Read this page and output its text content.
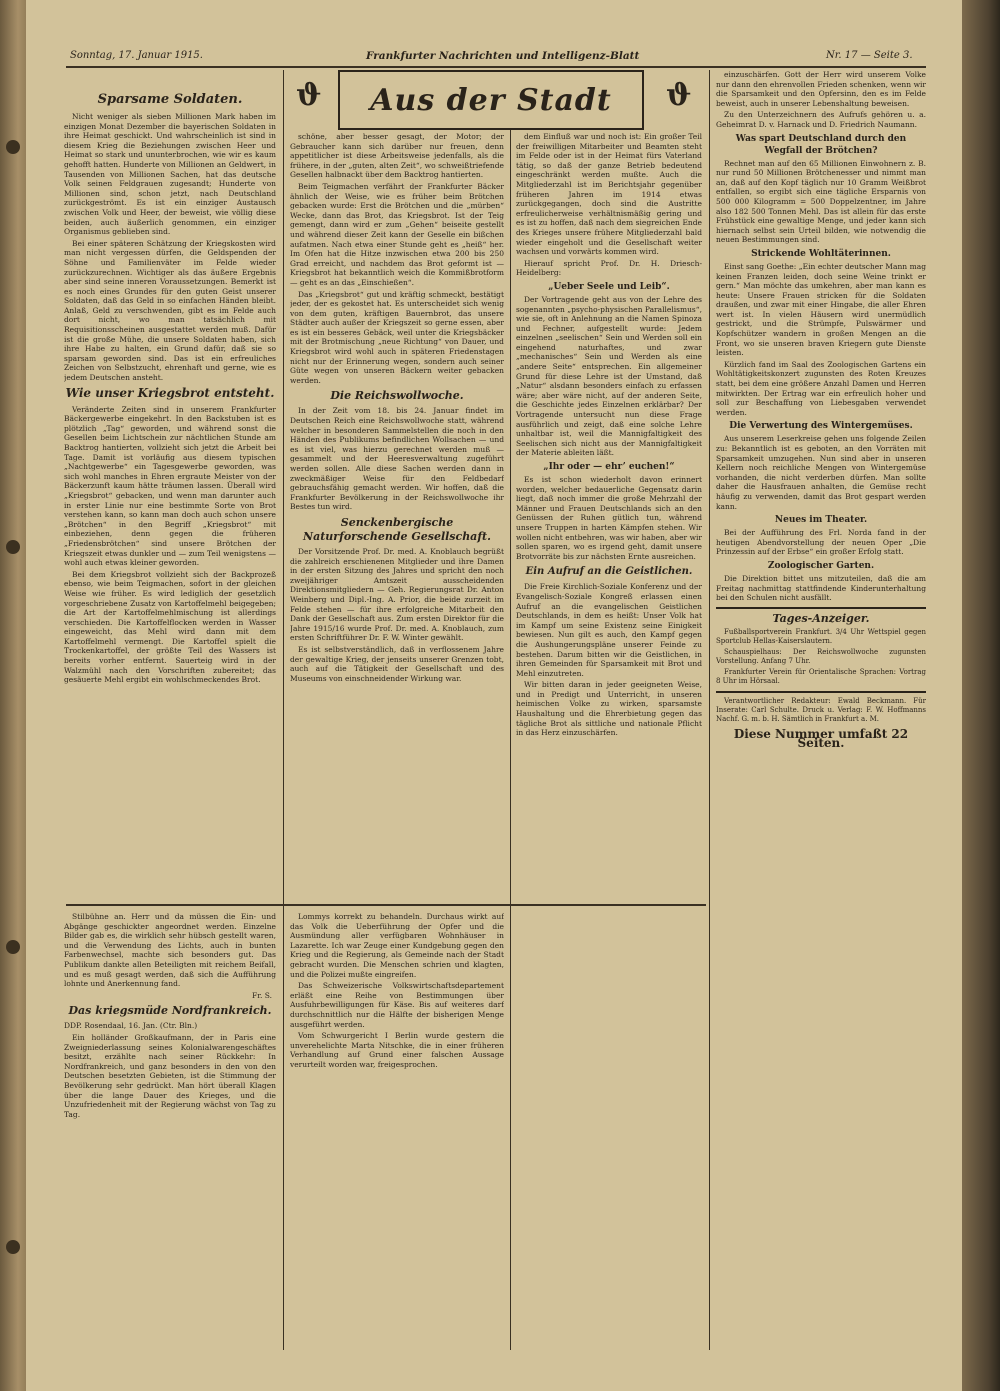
Sonntag, 17. Januar 1915.	Frankfurter Nachrichten und Intelligenz-Blatt	Nr. 17 — Seite 3.
ϑ Aus der Stadt ϑ
Sparsame Soldaten.

Nicht weniger als sieben Millionen Mark haben im einzigen Monat Dezember die bayerischen Soldaten in ihre Heimat geschickt. Und wahrscheinlich ist sind in diesem Krieg die Beziehungen zwischen Heer und Heimat so stark und ununterbrochen, wie wir es kaum gehofft hatten. Hunderte von Millionen an Geldwert, in Tausenden von Millionen Sachen, hat das deutsche Volk seinen Feldgrauen zugesandt; Hunderte von Millionen sind, schon jetzt, nach Deutschland zurückgeströmt. Es ist ein einziger Austausch zwischen Volk und Heer, der beweist, wie völlig diese beiden, auch äußerlich genommen, ein einziger Organismus geblieben sind.

Bei einer späteren Schätzung der Kriegskosten wird man nicht vergessen dürfen, die Geldspenden der Söhne und Familienväter im Felde wieder zurückzurechnen. Wichtiger als das äußere Ergebnis aber sind seine inneren Voraussetzungen. Bemerkt ist es noch eines Grundes für den guten Geist unserer Soldaten, daß das Geld in so einfachen Händen bleibt. Anlaß, Geld zu verschwenden, gibt es im Felde auch dort nicht, wo man tatsächlich mit Requisitionsscheinen ausgestattet werden muß. Dafür ist die große Mühe, die unsere Soldaten haben, sich ihre Habe zu halten, ein Grund dafür, daß sie so sparsam geworden sind. Das ist ein erfreuliches Zeichen von Selbstzucht, ehrenhaft und gerne, wie es jedem Deutschen ansteht.

Wie unser Kriegsbrot entsteht.

Veränderte Zeiten sind in unserem Frankfurter Bäckergewerbe eingekehrt. In den Backstuben ist es plötzlich „Tag“ geworden, und während sonst die Gesellen beim Lichtschein zur nächtlichen Stunde am Backtrog hantierten, vollzieht sich jetzt die Arbeit bei Tage. Damit ist vorläufig aus diesem typischen „Nachtgewerbe“ ein Tagesgewerbe geworden, was sich wohl manches in Ehren ergraute Meister von der Bäckerzunft kaum hätte träumen lassen. Überall wird „Kriegsbrot“ gebacken, und wenn man darunter auch in erster Linie nur eine bestimmte Sorte von Brot verstehen kann, so kann man doch auch schon unsere „Brötchen“ in den Begriff „Kriegsbrot“ mit einbeziehen, denn gegen die früheren „Friedensbrötchen“ sind unsere Brötchen der Kriegszeit etwas dunkler und — zum Teil wenigstens — wohl auch etwas kleiner geworden.

Bei dem Kriegsbrot vollzieht sich der Backprozeß ebenso, wie beim Teigmachen, sofort in der gleichen Weise wie früher. Es wird lediglich der gesetzlich vorgeschriebene Zusatz von Kartoffelmehl beigegeben; die Art der Kartoffelmehlmischung ist allerdings verschieden. Die Kartoffelflocken werden in Wasser eingeweicht, das Mehl wird dann mit dem Kartoffelmehl vermengt. Die Kartoffel spielt die Trockenkartoffel, der größte Teil des Wassers ist bereits vorher entfernt. Sauerteig wird in der Walzmühl nach den Vorschriften zubereitet; das gesäuerte Mehl ergibt ein wohlschmeckendes Brot.

schöne, aber besser gesagt, der Motor; der Gebraucher kann sich darüber nur freuen, denn appetitlicher ist diese Arbeitsweise jedenfalls, als die frühere, in der „guten, alten Zeit“, wo schweißtriefende Gesellen halbnackt über dem Backtrog hantierten.

Beim Teigmachen verfährt der Frankfurter Bäcker ähnlich der Weise, wie es früher beim Brötchen gebacken wurde: Erst die Brötchen und die „mürben“ Wecke, dann das Brot, das Kriegsbrot. Ist der Teig gemengt, dann wird er zum „Gehen“ beiseite gestellt und während dieser Zeit kann der Geselle ein bißchen aufatmen. Nach etwa einer Stunde geht es „heiß“ her. Im Ofen hat die Hitze inzwischen etwa 200 bis 250 Grad erreicht, und nachdem das Brot geformt ist — Kriegsbrot hat bekanntlich weich die Kommißbrotform — geht es an das „Einschießen“.

Das „Kriegsbrot“ gut und kräftig schmeckt, bestätigt jeder, der es gekostet hat. Es unterscheidet sich wenig von dem guten, kräftigen Bauernbrot, das unsere Städter auch außer der Kriegszeit so gerne essen, aber es ist ein besseres Gebäck, weil unter die Kriegsbäcker mit der Brotmischung „neue Richtung“ von Dauer, und Kriegsbrot wird wohl auch in späteren Friedenstagen nicht nur der Erinnerung wegen, sondern auch seiner Güte wegen von unseren Bäckern weiter gebacken werden.

Die Reichswollwoche.

In der Zeit vom 18. bis 24. Januar findet im Deutschen Reich eine Reichswollwoche statt, während welcher in besonderen Sammelstellen die noch in den Händen des Publikums befindlichen Wollsachen — und es ist viel, was hierzu gerechnet werden muß — gesammelt und der Heeresverwaltung zugeführt werden sollen. Alle diese Sachen werden dann in zweckmäßiger Weise für den Feldbedarf gebrauchsfähig gemacht werden. Wir hoffen, daß die Frankfurter Bevölkerung in der Reichswollwoche ihr Bestes tun wird.

Senckenbergische Naturforschende Gesellschaft.

Der Vorsitzende Prof. Dr. med. A. Knoblauch begrüßt die zahlreich erschienenen Mitglieder und ihre Damen in der ersten Sitzung des Jahres und spricht den noch zweijähriger Amtszeit ausscheidenden Direktionsmitgliedern — Geh. Regierungsrat Dr. Anton Weinberg und Dipl.-Ing. A. Prior, die beide zurzeit im Felde stehen — für ihre erfolgreiche Mitarbeit den Dank der Gesellschaft aus. Zum ersten Direktor für die Jahre 1915/16 wurde Prof. Dr. med. A. Knoblauch, zum ersten Schriftführer Dr. F. W. Winter gewählt.

Es ist selbstverständlich, daß in verflossenem Jahre der gewaltige Krieg, der jenseits unserer Grenzen tobt, auch auf die Tätigkeit der Gesellschaft und des Museums von einschneidender Wirkung war.

dem Einfluß war und noch ist: Ein großer Teil der freiwilligen Mitarbeiter und Beamten steht im Felde oder ist in der Heimat fürs Vaterland tätig, so daß der ganze Betrieb bedeutend eingeschränkt werden mußte. Auch die Mitgliederzahl ist im Berichtsjahr gegenüber früheren Jahren im 1914 etwas zurückgegangen, doch sind die Austritte erfreulicherweise verhältnismäßig gering und es ist zu hoffen, daß nach dem siegreichen Ende des Krieges unsere frühere Mitgliederzahl bald wieder eingeholt und die Gesellschaft weiter wachsen und vorwärts kommen wird.

Hierauf spricht Prof. Dr. H. Driesch-Heidelberg:

„Ueber Seele und Leib“.

Der Vortragende geht aus von der Lehre des sogenannten „psycho-physischen Parallelismus“, wie sie, oft in Anlehnung an die Namen Spinoza und Fechner, aufgestellt wurde: Jedem einzelnen „seelischen“ Sein und Werden soll ein eingehend naturhaftes, und zwar „mechanisches“ Sein und Werden als eine „andere Seite“ entsprechen. Ein allgemeiner Grund für diese Lehre ist der Umstand, daß „Natur“ alsdann besonders einfach zu erfassen wäre; aber wäre nicht, auf der anderen Seite, die Geschichte jedes Einzelnen erklärbar? Der Vortragende untersucht nun diese Frage ausführlich und zeigt, daß eine solche Lehre unhaltbar ist, weil die Mannigfaltigkeit des Seelischen sich nicht aus der Mannigfaltigkeit der Materie ableiten läßt.

„Ihr oder — ehr’ euchen!“

Es ist schon wiederholt davon erinnert worden, welcher bedauerliche Gegensatz darin liegt, daß noch immer die große Mehrzahl der Männer und Frauen Deutschlands sich an den Genüssen der Ruhen gütlich tun, während unsere Truppen in harten Kämpfen stehen. Wir wollen nicht entbehren, was wir haben, aber wir sollen sparen, wo es irgend geht, damit unsere Brotvorräte bis zur nächsten Ernte ausreichen.

Ein Aufruf an die Geistlichen.

Die Freie Kirchlich-Soziale Konferenz und der Evangelisch-Soziale Kongreß erlassen einen Aufruf an die evangelischen Geistlichen Deutschlands, in dem es heißt: Unser Volk hat im Kampf um seine Existenz seine Einigkeit bewiesen. Nun gilt es auch, den Kampf gegen die Aushungerungspläne unserer Feinde zu bestehen. Darum bitten wir die Geistlichen, in ihren Gemeinden für Sparsamkeit mit Brot und Mehl einzutreten.

Wir bitten daran in jeder geeigneten Weise, und in Predigt und Unterricht, in unseren heimischen Volke zu wirken, sparsamste Haushaltung und die Ehrerbietung gegen das tägliche Brot als sittliche und nationale Pflicht in das Herz einzuschärfen.

einzuschärfen. Gott der Herr wird unserem Volke nur dann den ehrenvollen Frieden schenken, wenn wir die Sparsamkeit und den Opfersinn, den es im Felde beweist, auch in unserer Lebenshaltung beweisen.

Zu den Unterzeichnern des Aufrufs gehören u. a. Geheimrat D. v. Harnack und D. Friedrich Naumann.

Was spart Deutschland durch den Wegfall der Brötchen?

Rechnet man auf den 65 Millionen Einwohnern z. B. nur rund 50 Millionen Brötchenesser und nimmt man an, daß auf den Kopf täglich nur 10 Gramm Weißbrot entfallen, so ergibt sich eine tägliche Ersparnis von 500 000 Kilogramm = 500 Doppelzentner, im Jahre also 182 500 Tonnen Mehl. Das ist allein für das erste Frühstück eine gewaltige Menge, und jeder kann sich hiernach selbst sein Urteil bilden, wie notwendig die neuen Bestimmungen sind.

Strickende Wohltäterinnen.

Einst sang Goethe: „Ein echter deutscher Mann mag keinen Franzen leiden, doch seine Weine trinkt er gern.“ Man möchte das umkehren, aber man kann es heute: Unsere Frauen stricken für die Soldaten draußen, und zwar mit einer Hingabe, die aller Ehren wert ist. In vielen Häusern wird unermüdlich gestrickt, und die Strümpfe, Pulswärmer und Kopfschützer wandern in großen Mengen an die Front, wo sie unseren braven Kriegern gute Dienste leisten.

Kürzlich fand im Saal des Zoologischen Gartens ein Wohltätigkeitskonzert zugunsten des Roten Kreuzes statt, bei dem eine größere Anzahl Damen und Herren mitwirkten. Der Ertrag war ein erfreulich hoher und soll zur Beschaffung von Liebesgaben verwendet werden.

Die Verwertung des Wintergemüses.

Aus unserem Leserkreise gehen uns folgende Zeilen zu: Bekanntlich ist es geboten, an den Vorräten mit Sparsamkeit umzugehen. Nun sind aber in unseren Kellern noch reichliche Mengen von Wintergemüse vorhanden, die nicht verderben dürfen. Man sollte daher die Hausfrauen anhalten, die Gemüse recht häufig zu verwenden, damit das Brot gespart werden kann.

Neues im Theater.

Bei der Aufführung des Frl. Norda fand in der heutigen Abendvorstellung der neuen Oper „Die Prinzessin auf der Erbse“ ein großer Erfolg statt.

Zoologischer Garten.

Die Direktion bittet uns mitzuteilen, daß die am Freitag nachmittag stattfindende Kinderunterhaltung bei den Schulen nicht ausfällt.

Tages-Anzeiger.

Fußballsportverein Frankfurt. 3/4 Uhr Wettspiel gegen Sportclub Hellas-Kaiserslautern.

Schauspielhaus: Der Reichswollwoche zugunsten Vorstellung. Anfang 7 Uhr.

Frankfurter Verein für Orientalische Sprachen: Vortrag 8 Uhr im Hörsaal.

Verantwortlicher Redakteur: Ewald Beckmann. Für Inserate: Carl Schulte. Druck u. Verlag: F. W. Hoffmanns Nachf. G. m. b. H. Sämtlich in Frankfurt a. M.

Diese Nummer umfaßt 22 Seiten.

Stilbühne an. Herr und da müssen die Ein- und Abgänge geschickter angeordnet werden. Einzelne Bilder gab es, die wirklich sehr hübsch gestellt waren, und die Verwendung des Lichts, auch in bunten Farbenwechsel, machte sich besonders gut. Das Publikum dankte allen Beteiligten mit reichem Beifall, und es muß gesagt werden, daß sich die Aufführung lohnte und Anerkennung fand.

Fr. S.
Das kriegsmüde Nordfrankreich.
DDP. Rosendaal, 16. Jan. (Ctr. Bln.)

Ein holländer Großkaufmann, der in Paris eine Zweigniederlassung seines Kolonialwarengeschäftes besitzt, erzählte nach seiner Rückkehr: In Nordfrankreich, und ganz besonders in den von den Deutschen besetzten Gebieten, ist die Stimmung der Bevölkerung sehr gedrückt. Man hört überall Klagen über die lange Dauer des Krieges, und die Unzufriedenheit mit der Regierung wächst von Tag zu Tag.

Lommys korrekt zu behandeln. Durchaus wirkt auf das Volk die Ueberführung der Opfer und die Ausmündung aller verfügbaren Wohnhäuser in Lazarette. Ich war Zeuge einer Kundgebung gegen den Krieg und die Regierung, als Gemeinde nach der Stadt gebracht wurden. Die Menschen schrien und klagten, und die Polizei mußte eingreifen.

Das Schweizerische Volkswirtschaftsdepartement erläßt eine Reihe von Bestimmungen über Ausfuhrbewilligungen für Käse. Bis auf weiteres darf durchschnittlich nur die Hälfte der bisherigen Menge ausgeführt werden.

Vom Schwurgericht I Berlin wurde gestern die unverehelichte Marta Nitschke, die in einer früheren Verhandlung auf Grund einer falschen Aussage verurteilt worden war, freigesprochen.
